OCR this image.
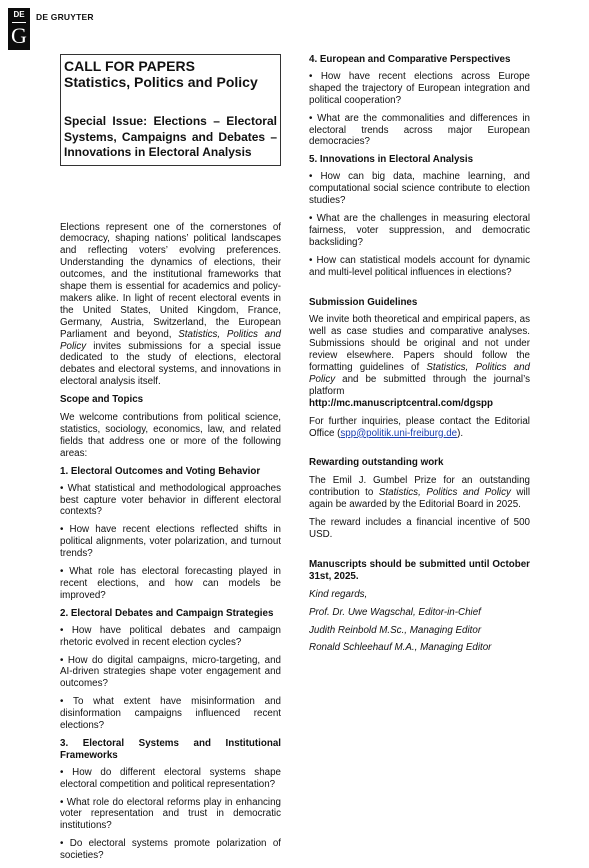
DE
G
DE GRUYTER
CALL FOR PAPERS
Statistics, Politics and Policy
Special Issue: Elections – Electoral Systems, Campaigns and Debates – Innovations in Electoral Analysis

Elections represent one of the cornerstones of democracy, shaping nations’ political landscapes and reflecting voters’ evolving preferences. Understanding the dynamics of elections, their outcomes, and the institutional frameworks that shape them is essential for academics and policy-makers alike. In light of recent electoral events in the United States, United Kingdom, France, Germany, Austria, Switzerland, the European Parliament and beyond, Statistics, Politics and Policy invites submissions for a special issue dedicated to the study of elections, electoral debates and electoral systems, and innovations in electoral analysis itself.

Scope and Topics

We welcome contributions from political science, statistics, sociology, economics, law, and related fields that address one or more of the following areas:

1. Electoral Outcomes and Voting Behavior

• What statistical and methodological approaches best capture voter behavior in different electoral contexts?

• How have recent elections reflected shifts in political alignments, voter polarization, and turnout trends?

• What role has electoral forecasting played in recent elections, and how can models be improved?

2. Electoral Debates and Campaign Strategies

• How have political debates and campaign rhetoric evolved in recent election cycles?

• How do digital campaigns, micro-targeting, and AI-driven strategies shape voter engagement and outcomes?

• To what extent have misinformation and disinformation campaigns influenced recent elections?

3. Electoral Systems and Institutional Frameworks

• How do different electoral systems shape electoral competition and political representation?

• What role do electoral reforms play in enhancing voter representation and trust in democratic institutions?

• Do electoral systems promote polarization of societies?

4. European and Comparative Perspectives

• How have recent elections across Europe shaped the trajectory of European integration and political cooperation?

• What are the commonalities and differences in electoral trends across major European democracies?

5. Innovations in Electoral Analysis

• How can big data, machine learning, and computational social science contribute to election studies?

• What are the challenges in measuring electoral fairness, voter suppression, and democratic backsliding?

• How can statistical models account for dynamic and multi-level political influences in elections?

Submission Guidelines

We invite both theoretical and empirical papers, as well as case studies and comparative analyses. Submissions should be original and not under review elsewhere. Papers should follow the formatting guidelines of Statistics, Politics and Policy and be submitted through the journal’s platform http://mc.manuscriptcentral.com/dgspp

For further inquiries, please contact the Editorial Office (spp@politik.uni-freiburg.de).

Rewarding outstanding work

The Emil J. Gumbel Prize for an outstanding contribution to Statistics, Politics and Policy will again be awarded by the Editorial Board in 2025.

The reward includes a financial incentive of 500 USD.

Manuscripts should be submitted until October 31st, 2025.
Kind regards,
Prof. Dr. Uwe Wagschal, Editor-in-Chief
Judith Reinbold M.Sc., Managing Editor
Ronald Schleehauf M.A., Managing Editor
